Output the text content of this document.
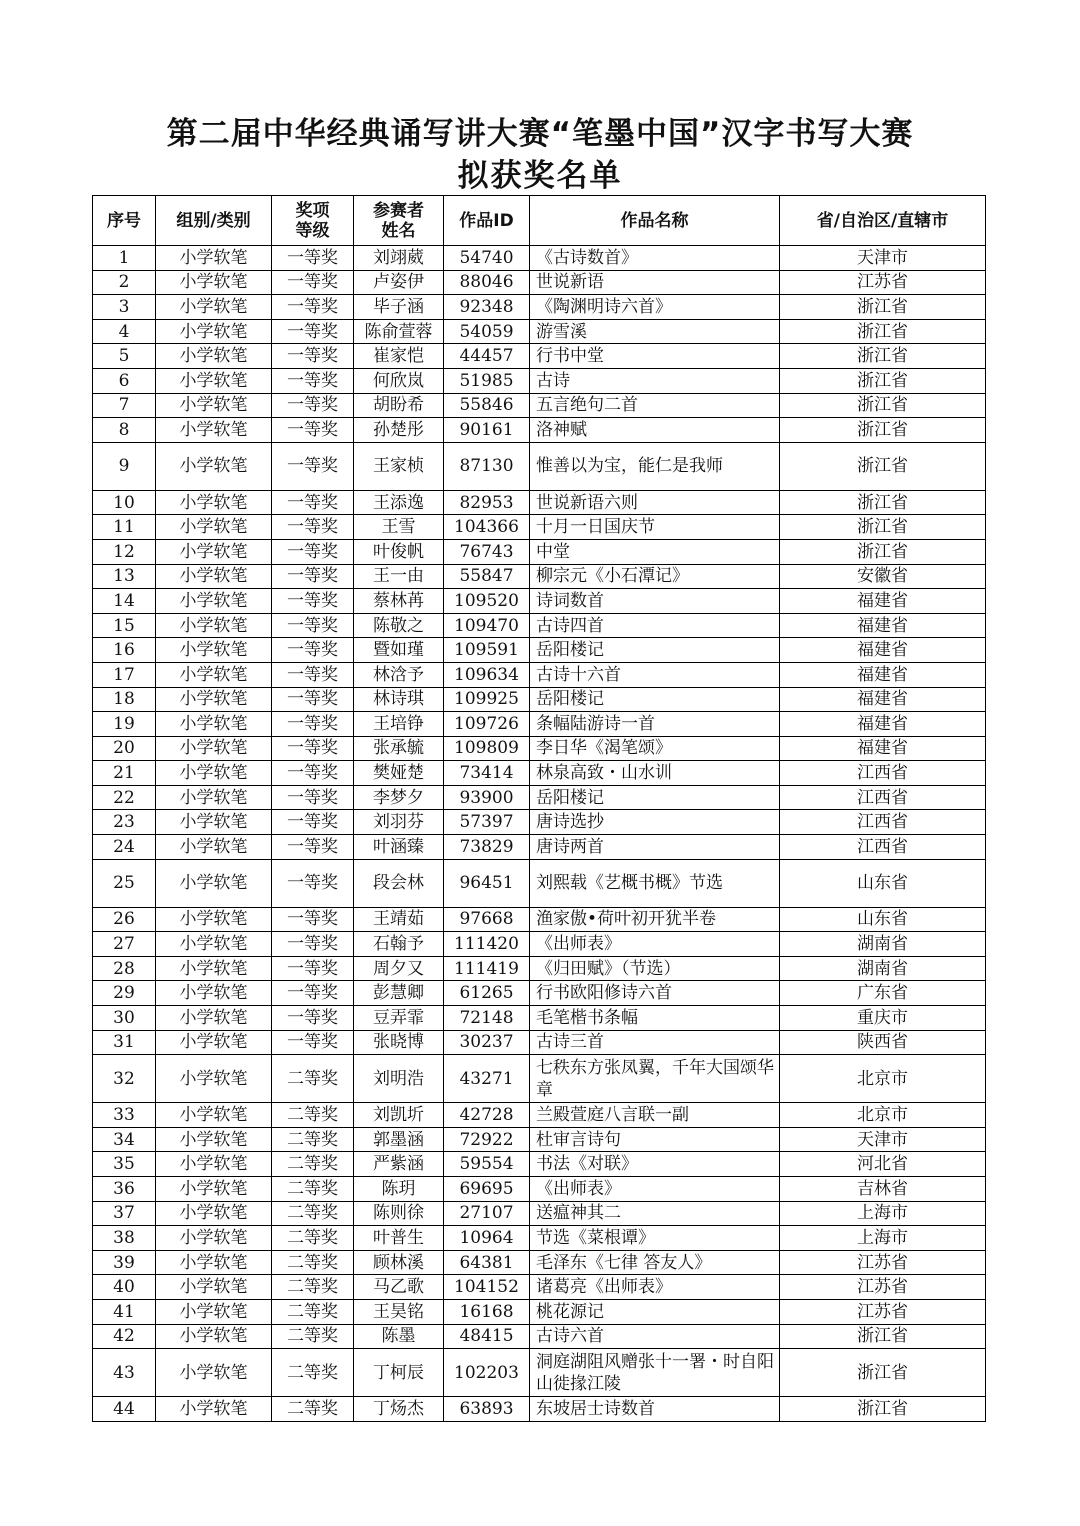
第二届中华经典诵写讲大赛“笔墨中国”汉字书写大赛
拟获奖名单
序号	组别/类别	奖项等级	参赛者姓名	作品ID	作品名称	省/自治区/直辖市
1	小学软笔	一等奖	刘翊葳	54740	《古诗数首》	天津市
2	小学软笔	一等奖	卢姿伊	88046	世说新语	江苏省
3	小学软笔	一等奖	毕子涵	92348	《陶渊明诗六首》	浙江省
4	小学软笔	一等奖	陈俞萱蓉	54059	游雪溪	浙江省
5	小学软笔	一等奖	崔家恺	44457	行书中堂	浙江省
6	小学软笔	一等奖	何欣岚	51985	古诗	浙江省
7	小学软笔	一等奖	胡盼希	55846	五言绝句二首	浙江省
8	小学软笔	一等奖	孙楚彤	90161	洛神赋	浙江省
9	小学软笔	一等奖	王家桢	87130	惟善以为宝，能仁是我师	浙江省
10	小学软笔	一等奖	王添逸	82953	世说新语六则	浙江省
11	小学软笔	一等奖	王雪	104366	十月一日国庆节	浙江省
12	小学软笔	一等奖	叶俊帆	76743	中堂	浙江省
13	小学软笔	一等奖	王一由	55847	柳宗元《小石潭记》	安徽省
14	小学软笔	一等奖	蔡林苒	109520	诗词数首	福建省
15	小学软笔	一等奖	陈敬之	109470	古诗四首	福建省
16	小学软笔	一等奖	暨如瑾	109591	岳阳楼记	福建省
17	小学软笔	一等奖	林浛予	109634	古诗十六首	福建省
18	小学软笔	一等奖	林诗琪	109925	岳阳楼记	福建省
19	小学软笔	一等奖	王培铮	109726	条幅陆游诗一首	福建省
20	小学软笔	一等奖	张承毓	109809	李日华《渴笔颂》	福建省
21	小学软笔	一等奖	樊娅楚	73414	林泉高致・山水训	江西省
22	小学软笔	一等奖	李梦夕	93900	岳阳楼记	江西省
23	小学软笔	一等奖	刘羽芬	57397	唐诗选抄	江西省
24	小学软笔	一等奖	叶涵臻	73829	唐诗两首	江西省
25	小学软笔	一等奖	段会林	96451	刘熙载《艺概书概》节选	山东省
26	小学软笔	一等奖	王靖茹	97668	渔家傲•荷叶初开犹半卷	山东省
27	小学软笔	一等奖	石翰予	111420	《出师表》	湖南省
28	小学软笔	一等奖	周夕又	111419	《归田赋》（节选）	湖南省
29	小学软笔	一等奖	彭慧卿	61265	行书欧阳修诗六首	广东省
30	小学软笔	一等奖	豆弄霏	72148	毛笔楷书条幅	重庆市
31	小学软笔	一等奖	张晓博	30237	古诗三首	陕西省
32	小学软笔	二等奖	刘明浩	43271	七秩东方张凤翼，千年大国颂华章	北京市
33	小学软笔	二等奖	刘凯圻	42728	兰殿萱庭八言联一副	北京市
34	小学软笔	二等奖	郭墨涵	72922	杜审言诗句	天津市
35	小学软笔	二等奖	严紫涵	59554	书法《对联》	河北省
36	小学软笔	二等奖	陈玥	69695	《出师表》	吉林省
37	小学软笔	二等奖	陈则徐	27107	送瘟神其二	上海市
38	小学软笔	二等奖	叶普生	10964	节选《菜根谭》	上海市
39	小学软笔	二等奖	顾林溪	64381	毛泽东《七律 答友人》	江苏省
40	小学软笔	二等奖	马乙歌	104152	诸葛亮《出师表》	江苏省
41	小学软笔	二等奖	王昊铭	16168	桃花源记	江苏省
42	小学软笔	二等奖	陈墨	48415	古诗六首	浙江省
43	小学软笔	二等奖	丁柯辰	102203	洞庭湖阻风赠张十一署・时自阳山徙掾江陵	浙江省
44	小学软笔	二等奖	丁炀杰	63893	东坡居士诗数首	浙江省
